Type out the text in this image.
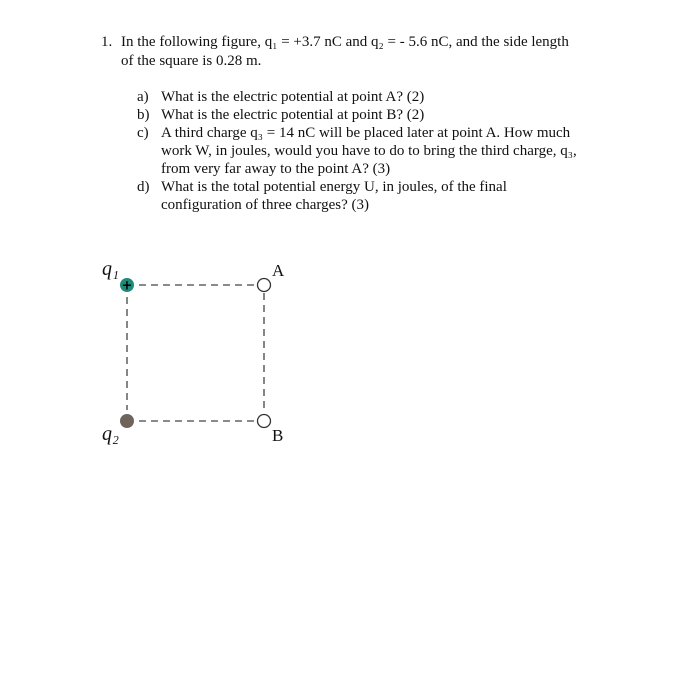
1. In the following figure, q₁ = +3.7 nC and q₂ = - 5.6 nC, and the side length
of the square is 0.28 m.
a) What is the electric potential at point A? (2)
b) What is the electric potential at point B? (2)
c) A third charge q₃ = 14 nC will be placed later at point A. How much
work W, in joules, would you have to do to bring the third charge, q₃,
from very far away to the point A? (3)
d) What is the total potential energy U, in joules, of the final
configuration of three charges? (3)
+
q₁
q₂
A
B
